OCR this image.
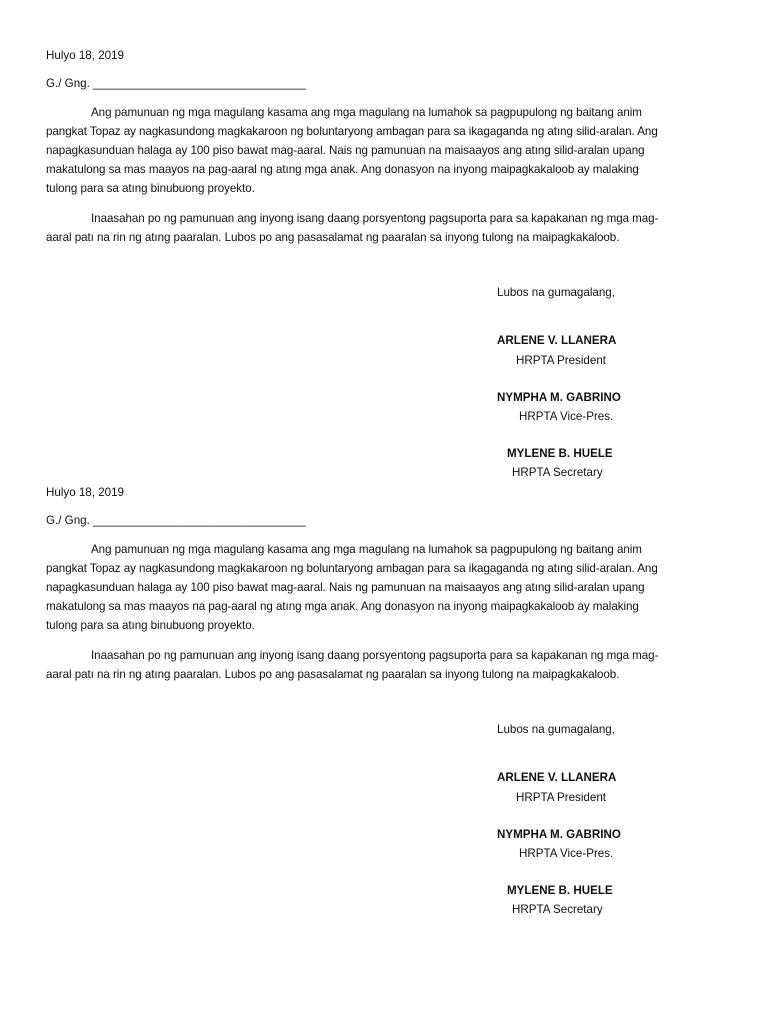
Hulyo 18, 2019
G./ Gng. _________________________________
Ang pamunuan ng mga magulang kasama ang mga magulang na lumahok sa pagpupulong ng baitang anim
pangkat Topaz ay nagkasundong magkakaroon ng boluntaryong ambagan para sa ikagaganda ng atıng silid-aralan. Ang
napagkasunduan halaga ay 100 piso bawat mag-aaral. Nais ng pamunuan na maisaayos ang atıng silid-aralan upang
makatulong sa mas maayos na pag-aaral ng atıng mga anak. Ang donasyon na inyong maipagkakaloob ay malaking
tulong para sa atıng binubuong proyekto.
Inaasahan po ng pamunuan ang inyong isang daang porsyentong pagsuporta para sa kapakanan ng mga mag-
aaral patı na rin ng atıng paaralan. Lubos po ang pasasalamat ng paaralan sa inyong tulong na maipagkakaloob.
Lubos na gumagalang,
ARLENE V. LLANERA
HRPTA President
NYMPHA M. GABRINO
HRPTA Vice-Pres.
MYLENE B. HUELE
HRPTA Secretary
Hulyo 18, 2019
G./ Gng. _________________________________
Ang pamunuan ng mga magulang kasama ang mga magulang na lumahok sa pagpupulong ng baitang anim
pangkat Topaz ay nagkasundong magkakaroon ng boluntaryong ambagan para sa ikagaganda ng atıng silid-aralan. Ang
napagkasunduan halaga ay 100 piso bawat mag-aaral. Nais ng pamunuan na maisaayos ang atıng silid-aralan upang
makatulong sa mas maayos na pag-aaral ng atıng mga anak. Ang donasyon na inyong maipagkakaloob ay malaking
tulong para sa atıng binubuong proyekto.
Inaasahan po ng pamunuan ang inyong isang daang porsyentong pagsuporta para sa kapakanan ng mga mag-
aaral patı na rin ng atıng paaralan. Lubos po ang pasasalamat ng paaralan sa inyong tulong na maipagkakaloob.
Lubos na gumagalang,
ARLENE V. LLANERA
HRPTA President
NYMPHA M. GABRINO
HRPTA Vice-Pres.
MYLENE B. HUELE
HRPTA Secretary
